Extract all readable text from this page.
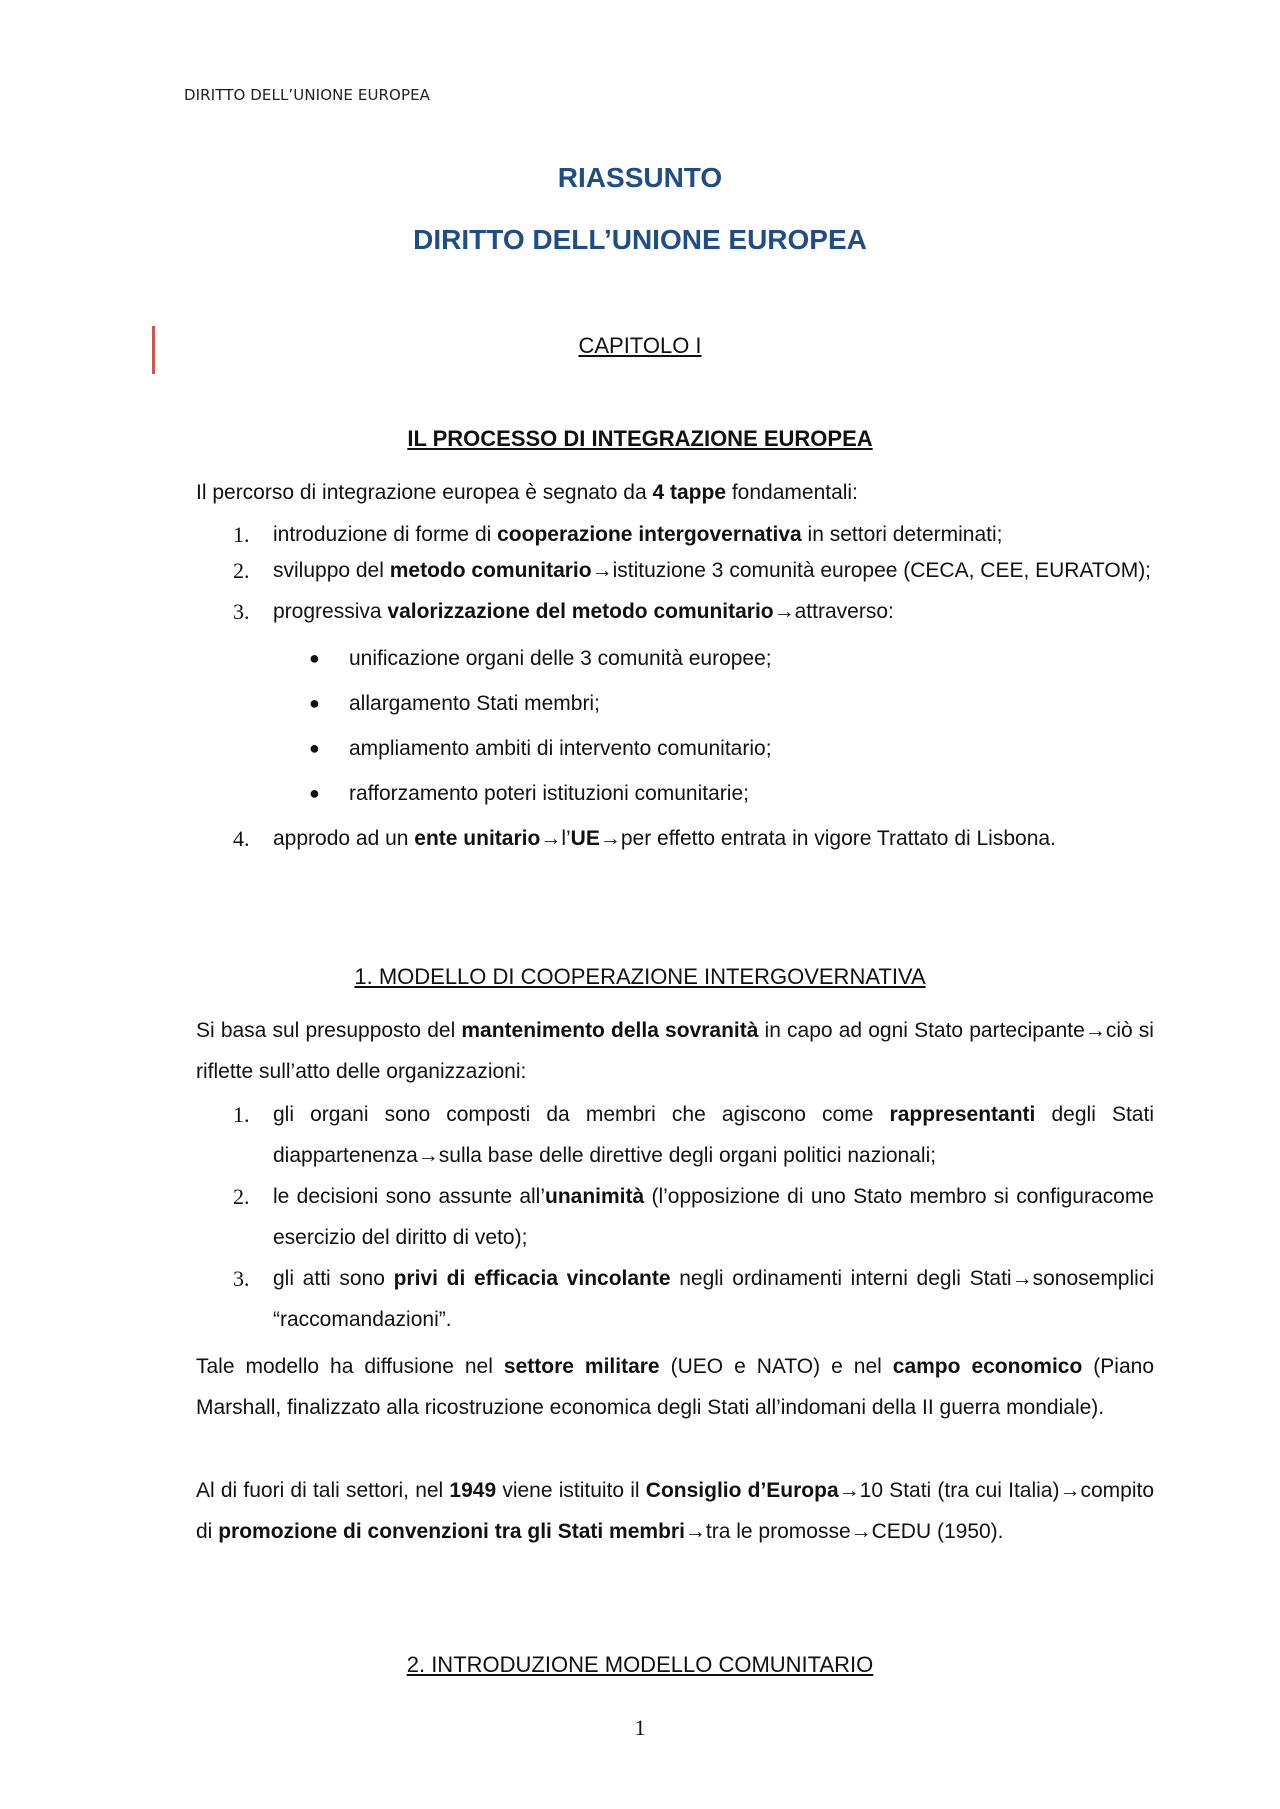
DIRITTO DELL’UNIONE EUROPEA
RIASSUNTO
DIRITTO DELL’UNIONE EUROPEA
CAPITOLO I
IL PROCESSO DI INTEGRAZIONE EUROPEA
Il percorso di integrazione europea è segnato da 4 tappe fondamentali:
1. introduzione di forme di cooperazione intergovernativa in settori determinati;
2. sviluppo del metodo comunitario→istituzione 3 comunità europee (CECA, CEE, EURATOM);
3. progressiva valorizzazione del metodo comunitario→attraverso:
● unificazione organi delle 3 comunità europee;
● allargamento Stati membri;
● ampliamento ambiti di intervento comunitario;
● rafforzamento poteri istituzioni comunitarie;
4. approdo ad un ente unitario→l’UE→per effetto entrata in vigore Trattato di Lisbona.
1. MODELLO DI COOPERAZIONE INTERGOVERNATIVA
Si basa sul presupposto del mantenimento della sovranità in capo ad ogni Stato partecipante→ciò si riflette sull’atto delle organizzazioni:
1. gli organi sono composti da membri che agiscono come rappresentanti degli Stati diappartenenza→sulla base delle direttive degli organi politici nazionali;
2. le decisioni sono assunte all’unanimità (l’opposizione di uno Stato membro si configuracome esercizio del diritto di veto);
3. gli atti sono privi di efficacia vincolante negli ordinamenti interni degli Stati→sonosemplici “raccomandazioni”.
Tale modello ha diffusione nel settore militare (UEO e NATO) e nel campo economico (Piano Marshall, finalizzato alla ricostruzione economica degli Stati all’indomani della II guerra mondiale).
Al di fuori di tali settori, nel 1949 viene istituito il Consiglio d’Europa→10 Stati (tra cui Italia)→compito di promozione di convenzioni tra gli Stati membri→tra le promosse→CEDU (1950).
2. INTRODUZIONE MODELLO COMUNITARIO
1
